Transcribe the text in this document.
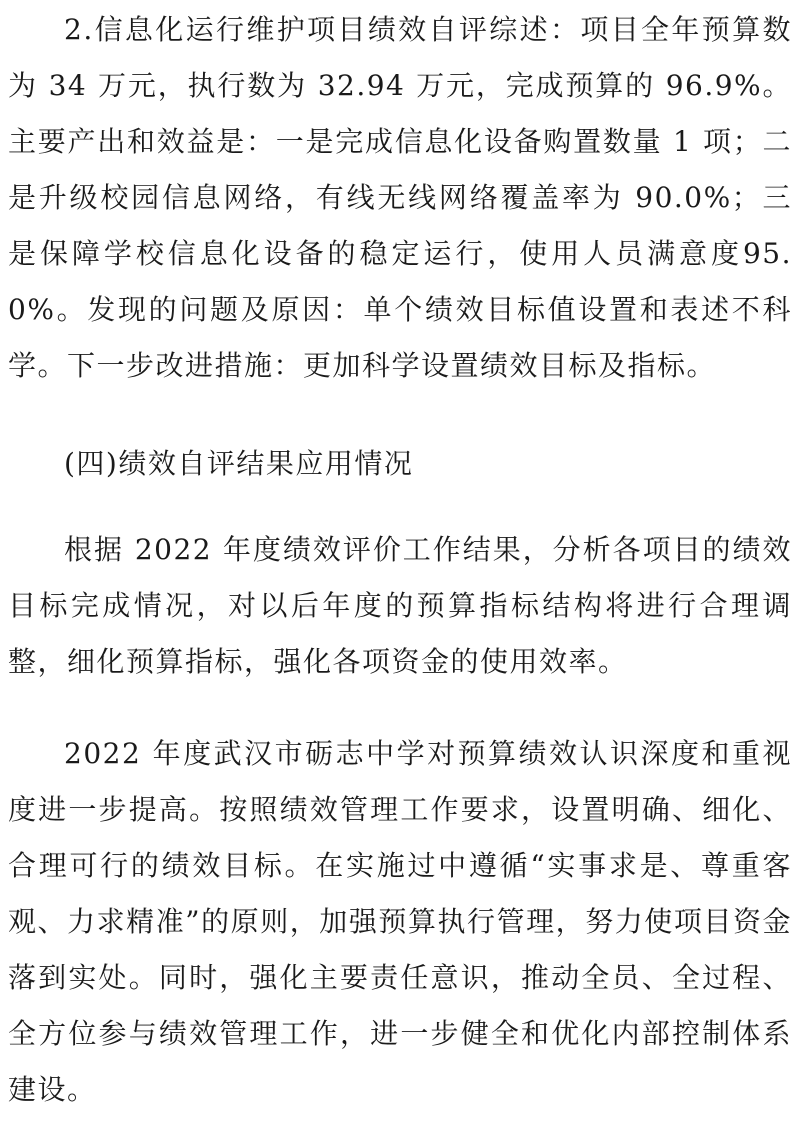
2.信息化运行维护项目绩效自评综述：项目全年预算数为 34 万元，执行数为 32.94 万元，完成预算的 96.9%。主要产出和效益是：一是完成信息化设备购置数量 1 项；二是升级校园信息网络，有线无线网络覆盖率为 90.0%；三是保障学校信息化设备的稳定运行，使用人员满意度95.0%。发现的问题及原因：单个绩效目标值设置和表述不科学。下一步改进措施：更加科学设置绩效目标及指标。

(四)绩效自评结果应用情况

根据 2022 年度绩效评价工作结果，分析各项目的绩效目标完成情况，对以后年度的预算指标结构将进行合理调整，细化预算指标，强化各项资金的使用效率。

2022 年度武汉市砺志中学对预算绩效认识深度和重视度进一步提高。按照绩效管理工作要求，设置明确、细化、合理可行的绩效目标。在实施过中遵循“实事求是、尊重客观、力求精准”的原则，加强预算执行管理，努力使项目资金落到实处。同时，强化主要责任意识，推动全员、全过程、全方位参与绩效管理工作，进一步健全和优化内部控制体系建设。
